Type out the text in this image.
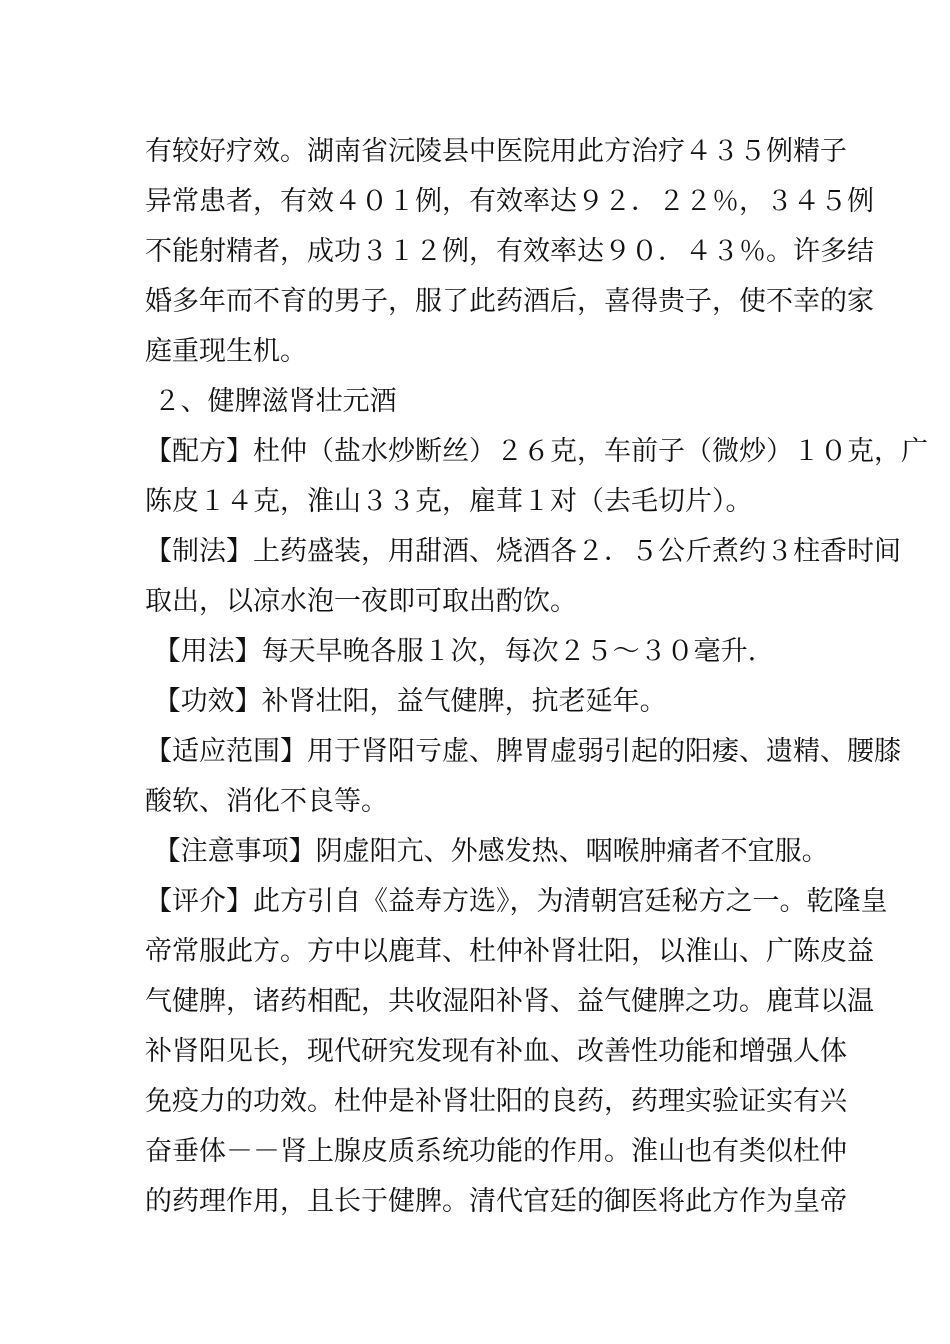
有较好疗效。湖南省沅陵县中医院用此方治疗４３５例精子
异常患者，有效４０１例，有效率达９２．２２％，３４５例
不能射精者，成功３１２例，有效率达９０．４３％。许多结
婚多年而不育的男子，服了此药酒后，喜得贵子，使不幸的家
庭重现生机。
２、健脾滋肾壮元酒
【配方】杜仲（盐水炒断丝）２６克，车前子（微炒）１０克，广
陈皮１４克，淮山３３克，雇茸１对（去毛切片）。
【制法】上药盛装，用甜酒、烧酒各２．５公斤煮约３柱香时间
取出，以凉水泡一夜即可取出酌饮。
【用法】每天早晚各服１次，每次２５～３０毫升.
【功效】补肾壮阳，益气健脾，抗老延年。
【适应范围】用于肾阳亏虚、脾胃虚弱引起的阳痿、遗精、腰膝
酸软、消化不良等。
【注意事项】阴虚阳亢、外感发热、咽喉肿痛者不宜服。
【评介】此方引自《益寿方选》，为清朝宫廷秘方之一。乾隆皇
帝常服此方。方中以鹿茸、杜仲补肾壮阳，以淮山、广陈皮益
气健脾，诸药相配，共收湿阳补肾、益气健脾之功。鹿茸以温
补肾阳见长，现代研究发现有补血、改善性功能和增强人体
免疫力的功效。杜仲是补肾壮阳的良药，药理实验证实有兴
奋垂体－－肾上腺皮质系统功能的作用。淮山也有类似杜仲
的药理作用，且长于健脾。清代官廷的御医将此方作为皇帝
